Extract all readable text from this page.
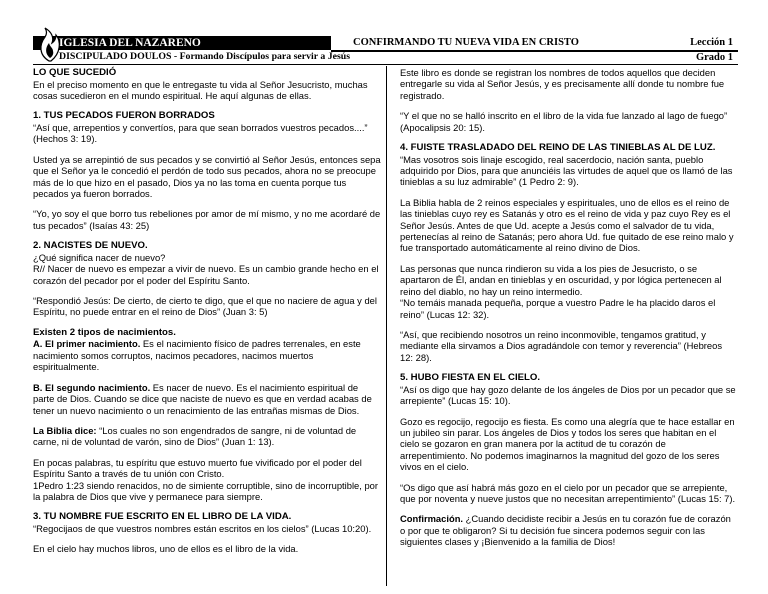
IGLESIA DEL NAZARENO
DISCIPULADO DOULOS - Formando Discípulos para servir a Jesús
CONFIRMANDO TU NUEVA VIDA EN CRISTO	Lección 1
Grado 1
LO QUE SUCEDIÓ

En el preciso momento en que le entregaste tu vida al Señor Jesucristo, muchas cosas sucedieron en el mundo espiritual. He aquí algunas de ellas.

1. TUS PECADOS FUERON BORRADOS

“Así que, arrepentios y convertíos, para que sean borrados vuestros pecados....” (Hechos 3: 19).

Usted ya se arrepintió de sus pecados y se convirtió al Señor Jesús, entonces sepa que el Señor ya le concedió el perdón de todo sus pecados, ahora no se preocupe más de lo que hizo en el pasado, Dios ya no las toma en cuenta porque tus pecados ya fueron borrados.

“Yo, yo soy el que borro tus rebeliones por amor de mí mismo, y no me acordaré de tus pecados” (Isaías 43: 25)

2. NACISTES DE NUEVO.

¿Qué significa nacer de nuevo?

R// Nacer de nuevo es empezar a vivir de nuevo. Es un cambio grande hecho en el corazón del pecador por el poder del Espíritu Santo.

“Respondió Jesús: De cierto, de cierto te digo, que el que no naciere de agua y del Espíritu, no puede entrar en el reino de Dios” (Juan 3: 5)

Existen 2 tipos de nacimientos.

A. El primer nacimiento. Es el nacimiento físico de padres terrenales, en este nacimiento somos corruptos, nacimos pecadores, nacimos muertos espiritualmente.

B. El segundo nacimiento. Es nacer de nuevo. Es el nacimiento espiritual de parte de Dios. Cuando se dice que naciste de nuevo es que en verdad acabas de tener un nuevo nacimiento o un renacimiento de las entrañas mismas de Dios.

La Biblia dice: “Los cuales no son engendrados de sangre, ni de voluntad de carne, ni de voluntad de varón, sino de Dios” (Juan 1: 13).

En pocas palabras, tu espíritu que estuvo muerto fue vivificado por el poder del Espíritu Santo a través de tu unión con Cristo.

1Pedro 1:23 siendo renacidos, no de simiente corruptible, sino de incorruptible, por la palabra de Dios que vive y permanece para siempre.

3. TU NOMBRE FUE ESCRITO EN EL LIBRO DE LA VIDA.

“Regocijaos de que vuestros nombres están escritos en los cielos” (Lucas 10:20).

En el cielo hay muchos libros, uno de ellos es el libro de la vida.

Este libro es donde se registran los nombres de todos aquellos que deciden entregarle su vida al Señor Jesús, y es precisamente allí donde tu nombre fue registrado.

“Y el que no se halló inscrito en el libro de la vida fue lanzado al lago de fuego” (Apocalipsis 20: 15).

4. FUISTE TRASLADADO DEL REINO DE LAS TINIEBLAS AL DE LUZ.

“Mas vosotros sois linaje escogido, real sacerdocio, nación santa, pueblo adquirido por Dios, para que anunciéis las virtudes de aquel que os llamó de las tinieblas a su luz admirable” (1 Pedro 2: 9).

La Biblia habla de 2 reinos especiales y espirituales, uno de ellos es el reino de las tinieblas cuyo rey es Satanás y otro es el reino de vida y paz cuyo Rey es el Señor Jesús. Antes de que Ud. acepte a Jesús como el salvador de tu vida, pertenecías al reino de Satanás; pero ahora Ud. fue quitado de ese reino malo y fue transportado automáticamente al reino divino de Dios.

Las personas que nunca rindieron su vida a los pies de Jesucristo, o se apartaron de Él, andan en tinieblas y en oscuridad, y por lógica pertenecen al reino del diablo, no hay un reino intermedio.

“No temáis manada pequeña, porque a vuestro Padre le ha placido daros el reino” (Lucas 12: 32).

“Así, que recibiendo nosotros un reino inconmovible, tengamos gratitud, y mediante ella sirvamos a Dios agradándole con temor y reverencia” (Hebreos 12: 28).

5. HUBO FIESTA EN EL CIELO.

“Así os digo que hay gozo delante de los ángeles de Dios por un pecador que se arrepiente” (Lucas 15: 10).

Gozo es regocijo, regocijo es fiesta. Es como una alegría que te hace estallar en un jubileo sin parar. Los ángeles de Dios y todos los seres que habitan en el cielo se gozaron en gran manera por la actitud de tu corazón de arrepentimiento. No podemos imaginarnos la magnitud del gozo de los seres vivos en el cielo.

“Os digo que así habrá más gozo en el cielo por un pecador que se arrepiente, que por noventa y nueve justos que no necesitan arrepentimiento” (Lucas 15: 7).

Confirmación. ¿Cuando decidiste recibir a Jesús en tu corazón fue de corazón o por que te obligaron? Si tu decisión fue sincera podemos seguir con las siguientes clases y ¡Bienvenido a la familia de Dios!
